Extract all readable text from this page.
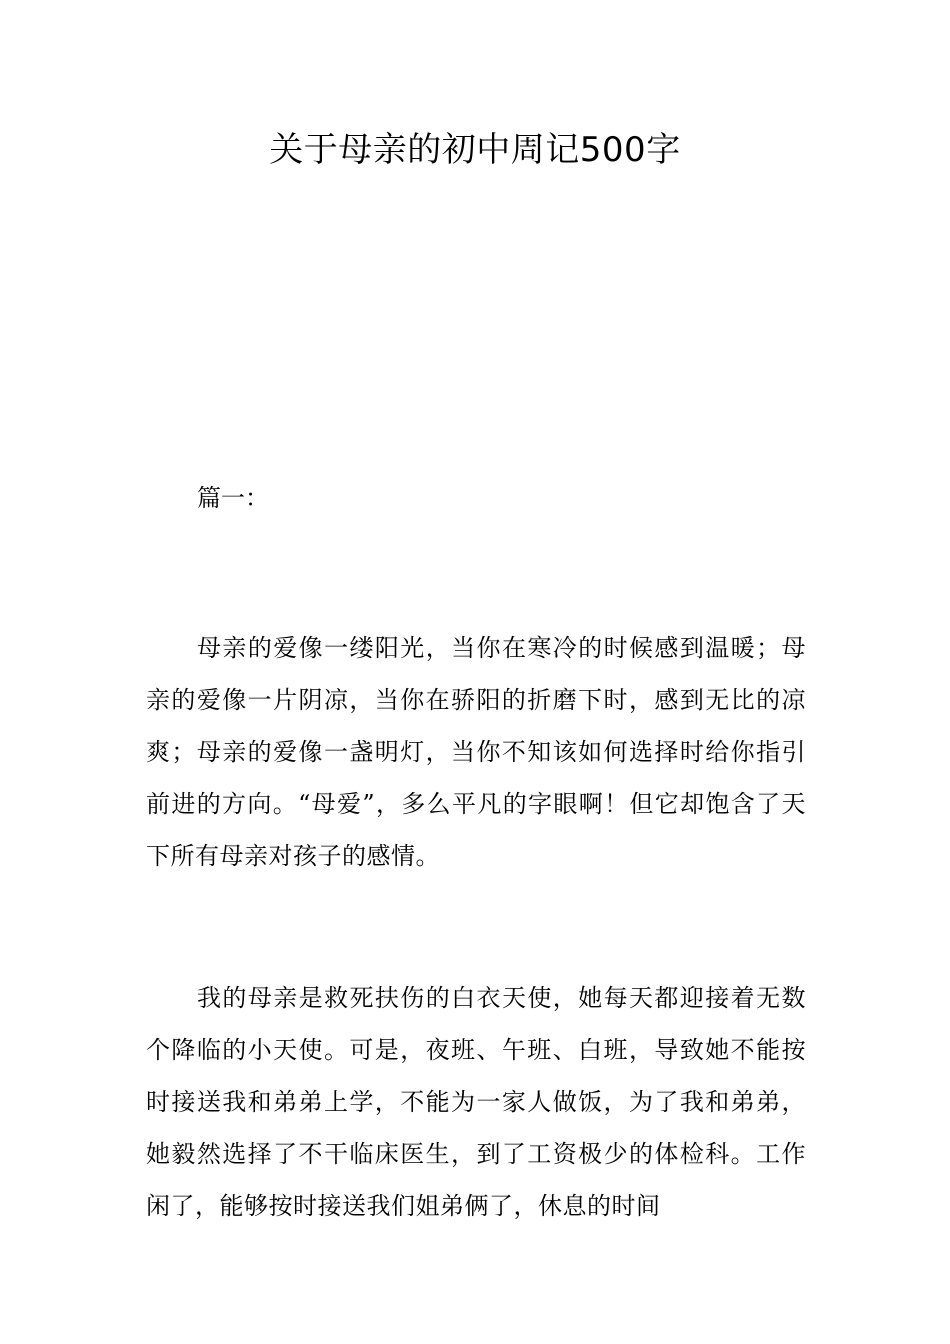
关于母亲的初中周记500字
篇一：

母亲的爱像一缕阳光，当你在寒冷的时候感到温暖；母亲的爱像一片阴凉，当你在骄阳的折磨下时，感到无比的凉爽；母亲的爱像一盏明灯，当你不知该如何选择时给你指引前进的方向。“母爱”，多么平凡的字眼啊！但它却饱含了天下所有母亲对孩子的感情。

我的母亲是救死扶伤的白衣天使，她每天都迎接着无数个降临的小天使。可是，夜班、午班、白班，导致她不能按时接送我和弟弟上学，不能为一家人做饭，为了我和弟弟，她毅然选择了不干临床医生，到了工资极少的体检科。工作闲了，能够按时接送我们姐弟俩了，休息的时间
